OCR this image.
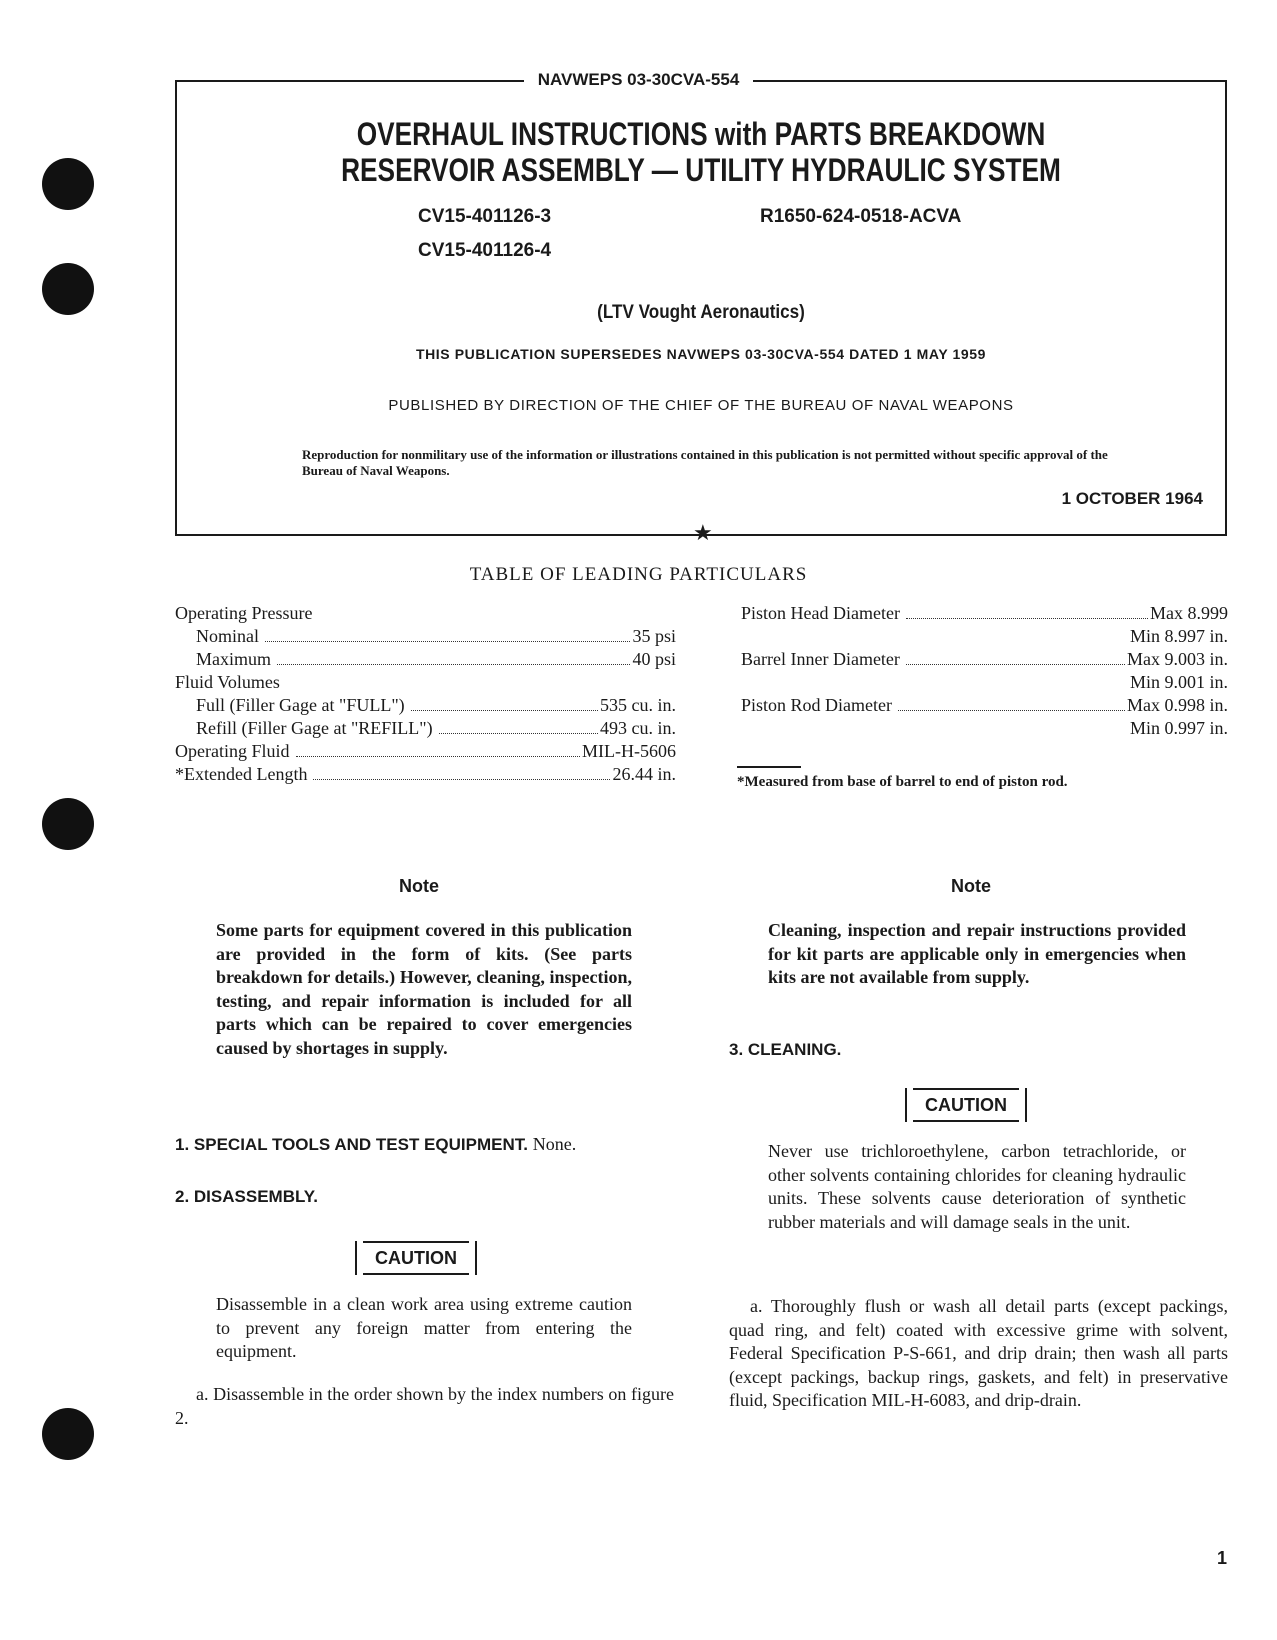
NAVWEPS 03-30CVA-554
OVERHAUL INSTRUCTIONS with PARTS BREAKDOWN
RESERVOIR ASSEMBLY — UTILITY HYDRAULIC SYSTEM
CV15-401126-3
CV15-401126-4
R1650-624-0518-ACVA
(LTV Vought Aeronautics)
THIS PUBLICATION SUPERSEDES NAVWEPS 03-30CVA-554 DATED 1 MAY 1959
PUBLISHED BY DIRECTION OF THE CHIEF OF THE BUREAU OF NAVAL WEAPONS
Reproduction for nonmilitary use of the information or illustrations contained in this publication is not permitted without specific approval of the Bureau of Naval Weapons.
1 OCTOBER 1964
★
TABLE OF LEADING PARTICULARS
Operating Pressure
Nominal	35 psi
Maximum	40 psi
Fluid Volumes
Full (Filler Gage at "FULL")	535 cu. in.
Refill (Filler Gage at "REFILL")	493 cu. in.
Operating Fluid	MIL-H-5606
*Extended Length	26.44 in.
Piston Head Diameter	Max 8.999
Min 8.997 in.
Barrel Inner Diameter	Max 9.003 in.
Min 9.001 in.
Piston Rod Diameter	Max 0.998 in.
Min 0.997 in.
*Measured from base of barrel to end of piston rod.
Note
Some parts for equipment covered in this publication are provided in the form of kits. (See parts breakdown for details.) However, cleaning, inspection, testing, and repair information is included for all parts which can be repaired to cover emergencies caused by shortages in supply.
1. SPECIAL TOOLS AND TEST EQUIPMENT. None.
2. DISASSEMBLY.
CAUTION
Disassemble in a clean work area using extreme caution to prevent any foreign matter from entering the equipment.
a. Disassemble in the order shown by the index numbers on figure 2.
Note
Cleaning, inspection and repair instructions provided for kit parts are applicable only in emergencies when kits are not available from supply.
3. CLEANING.
CAUTION
Never use trichloroethylene, carbon tetrachloride, or other solvents containing chlorides for cleaning hydraulic units. These solvents cause deterioration of synthetic rubber materials and will damage seals in the unit.
a. Thoroughly flush or wash all detail parts (except packings, quad ring, and felt) coated with excessive grime with solvent, Federal Specification P-S-661, and drip drain; then wash all parts (except packings, backup rings, gaskets, and felt) in preservative fluid, Specification MIL-H-6083, and drip-drain.
1
